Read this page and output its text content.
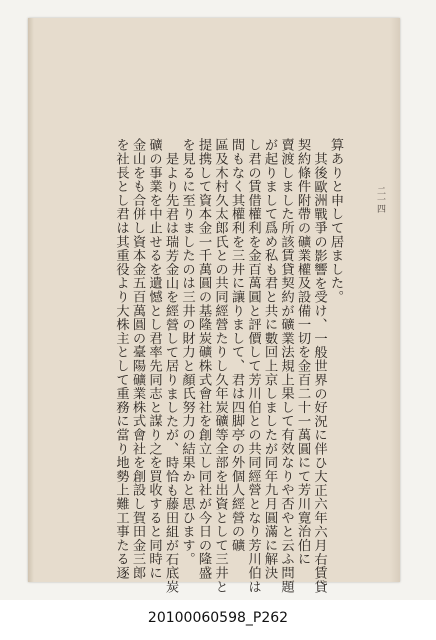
算ありと申して居ました。
其後歐洲戰爭の影響を受け、一般世界の好況に伴ひ大正六年六月右賃貸
契約條件附帶の礦業權及設備一切を金百二十一萬圓にて芳川寛治伯に
賣渡しました所該賃貸契約が礦業法規上果して有效なりや否やと云ふ問題
が起りまして爲め私も君と共に數回上京しましたが同年九月圓滿に解決
し君の賃借權利を金百萬圓と評價して芳川伯との共同經營となり芳川伯は
間もなく其權利を三井に讓りまして、君は四脚亭の外個人經營の礦
區及木村久太郎氏との共同經營たりし久年炭礦等全部を出資として三井と
提携して資本金一千萬圓の基隆炭礦株式會社を創立し同社が今日の隆盛
を見るに至りましたのは三井の財力と顏氏努力の結果かと思ひます。
是より先君は瑞芳金山を經營して居りましたが、時恰も藤田組が石底炭
礦の事業を中止せるを遺憾とし君率先同志と謀り之を買收すると同時に
金山をも合併し資本金五百萬圓の臺陽礦業株式會社を創設し賀田金三郎
を社長とし君は其重役より大株主として重務に當り地勢上難工事たる逐	二一四
20100060598_P262
